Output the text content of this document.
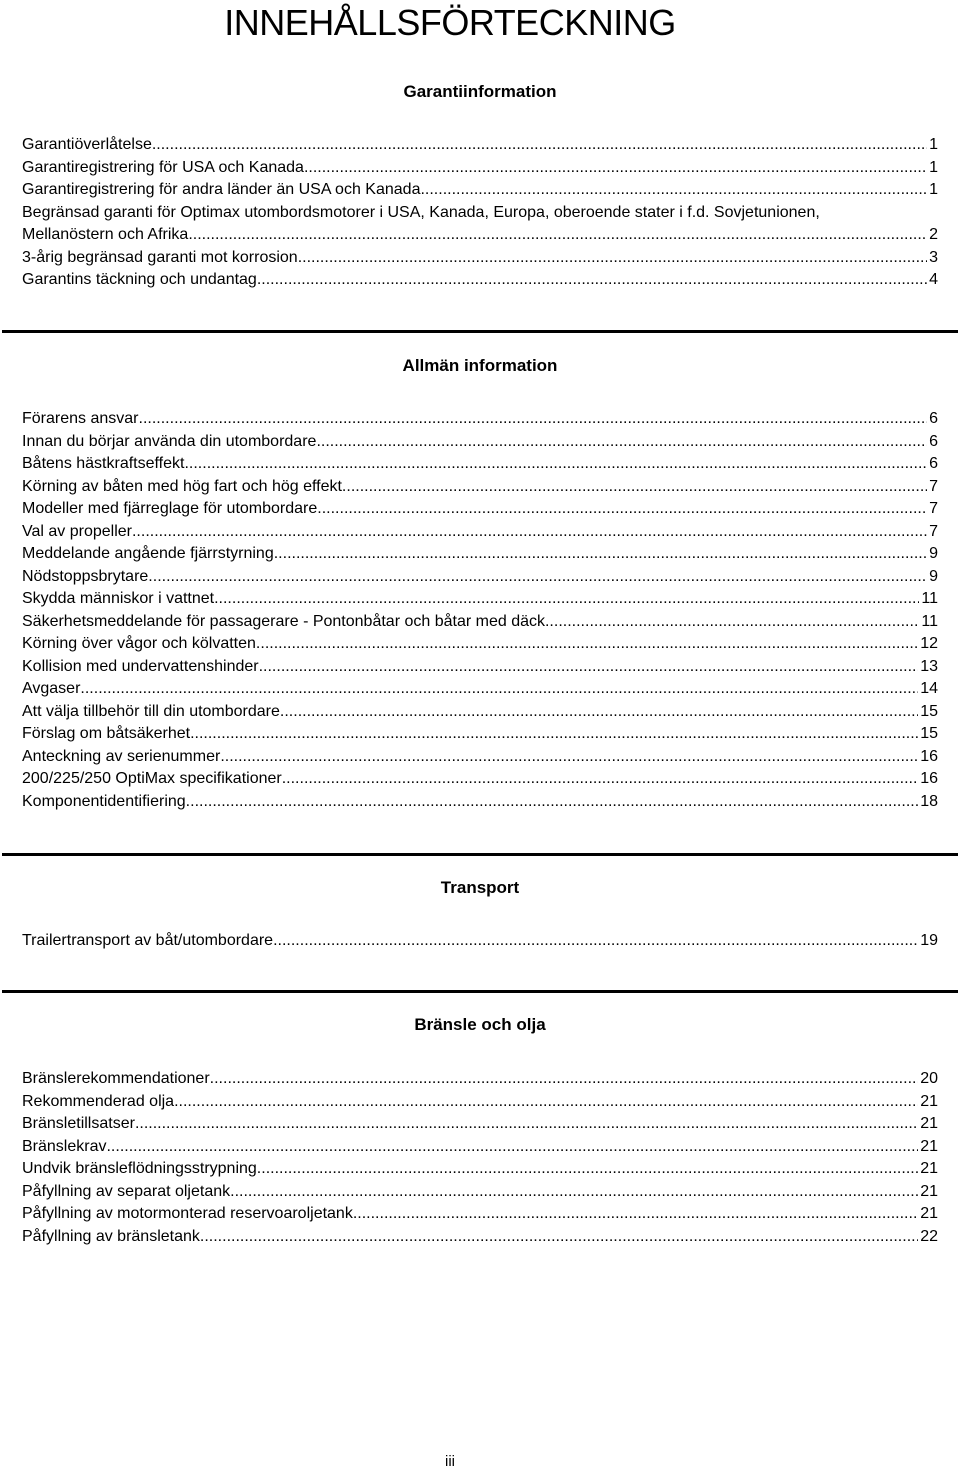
INNEHÅLLSFÖRTECKNING
Garantiinformation
Garantiöverlåtelse .....	1
Garantiregistrering för USA och Kanada .....	1
Garantiregistrering för andra länder än USA och Kanada .....	1
Begränsad garanti för Optimax utombordsmotorer i USA, Kanada, Europa, oberoende stater i f.d. Sovjetunionen,
Mellanöstern och Afrika .....	2
3-årig begränsad garanti mot korrosion .....	3
Garantins täckning och undantag .....	4
Allmän information
Förarens ansvar .....	6
Innan du börjar använda din utombordare .....	6
Båtens hästkraftseffekt .....	6
Körning av båten med hög fart och hög effekt .....	7
Modeller med fjärreglage för utombordare .....	7
Val av propeller .....	7
Meddelande angående fjärrstyrning .....	9
Nödstoppsbrytare .....	9
Skydda människor i vattnet .....	11
Säkerhetsmeddelande för passagerare - Pontonbåtar och båtar med däck .....	11
Körning över vågor och kölvatten .....	12
Kollision med undervattenshinder .....	13
Avgaser .....	14
Att välja tillbehör till din utombordare .....	15
Förslag om båtsäkerhet .....	15
Anteckning av serienummer .....	16
200/225/250 OptiMax specifikationer .....	16
Komponentidentifiering .....	18
Transport
Trailertransport av båt/utombordare .....	19
Bränsle och olja
Bränslerekommendationer .....	20
Rekommenderad olja .....	21
Bränsletillsatser .....	21
Bränslekrav .....	21
Undvik bränsleflödningsstrypning .....	21
Påfyllning av separat oljetank .....	21
Påfyllning av motormonterad reservoaroljetank .....	21
Påfyllning av bränsletank .....	22
iii
